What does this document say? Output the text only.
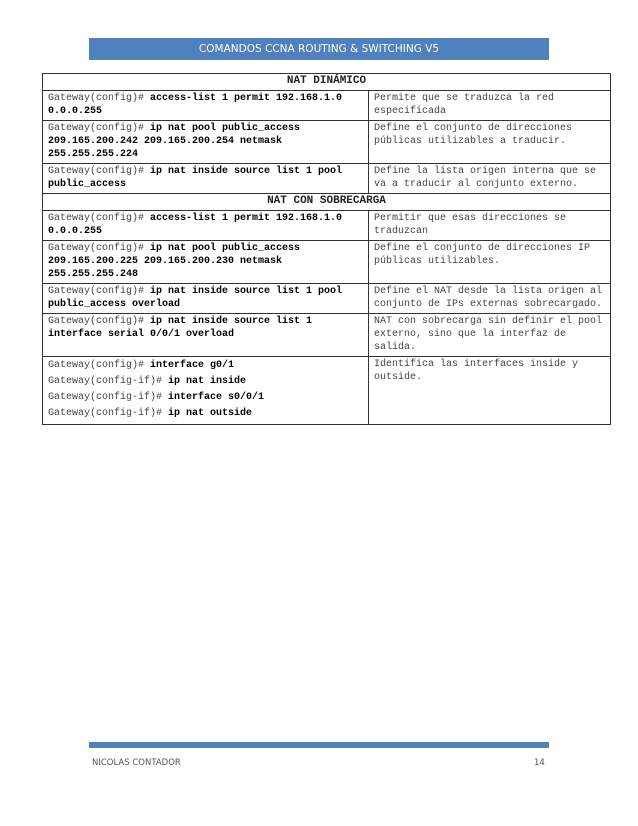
COMANDOS CCNA ROUTING & SWITCHING V5
NAT DINÁMICO	
Gateway(config)# access-list 1 permit 192.168.1.0 0.0.0.255	Permite que se traduzca la red especificada
Gateway(config)# ip nat pool public_access 209.165.200.242 209.165.200.254 netmask 255.255.255.224	Define el conjunto de direcciones públicas utilizables a traducir.
Gateway(config)# ip nat inside source list 1 pool public_access	Define la lista origen interna que se va a traducir al conjunto externo.
NAT CON SOBRECARGA	
Gateway(config)# access-list 1 permit 192.168.1.0 0.0.0.255	Permitir que esas direcciones se traduzcan
Gateway(config)# ip nat pool public_access 209.165.200.225 209.165.200.230 netmask 255.255.255.248	Define el conjunto de direcciones IP públicas utilizables.
Gateway(config)# ip nat inside source list 1 pool public_access overload	Define el NAT desde la lista origen al conjunto de IPs externas sobrecargado.
Gateway(config)# ip nat inside source list 1 interface serial 0/0/1 overload	NAT con sobrecarga sin definir el pool externo, sino que la interfaz de salida.

Gateway(config)# interface g0/1
Gateway(config-if)# ip nat inside
Gateway(config-if)# interface s0/0/1
Gateway(config-if)# ip nat outside	Identifica las interfaces inside y outside.
NICOLAS CONTADOR	14
